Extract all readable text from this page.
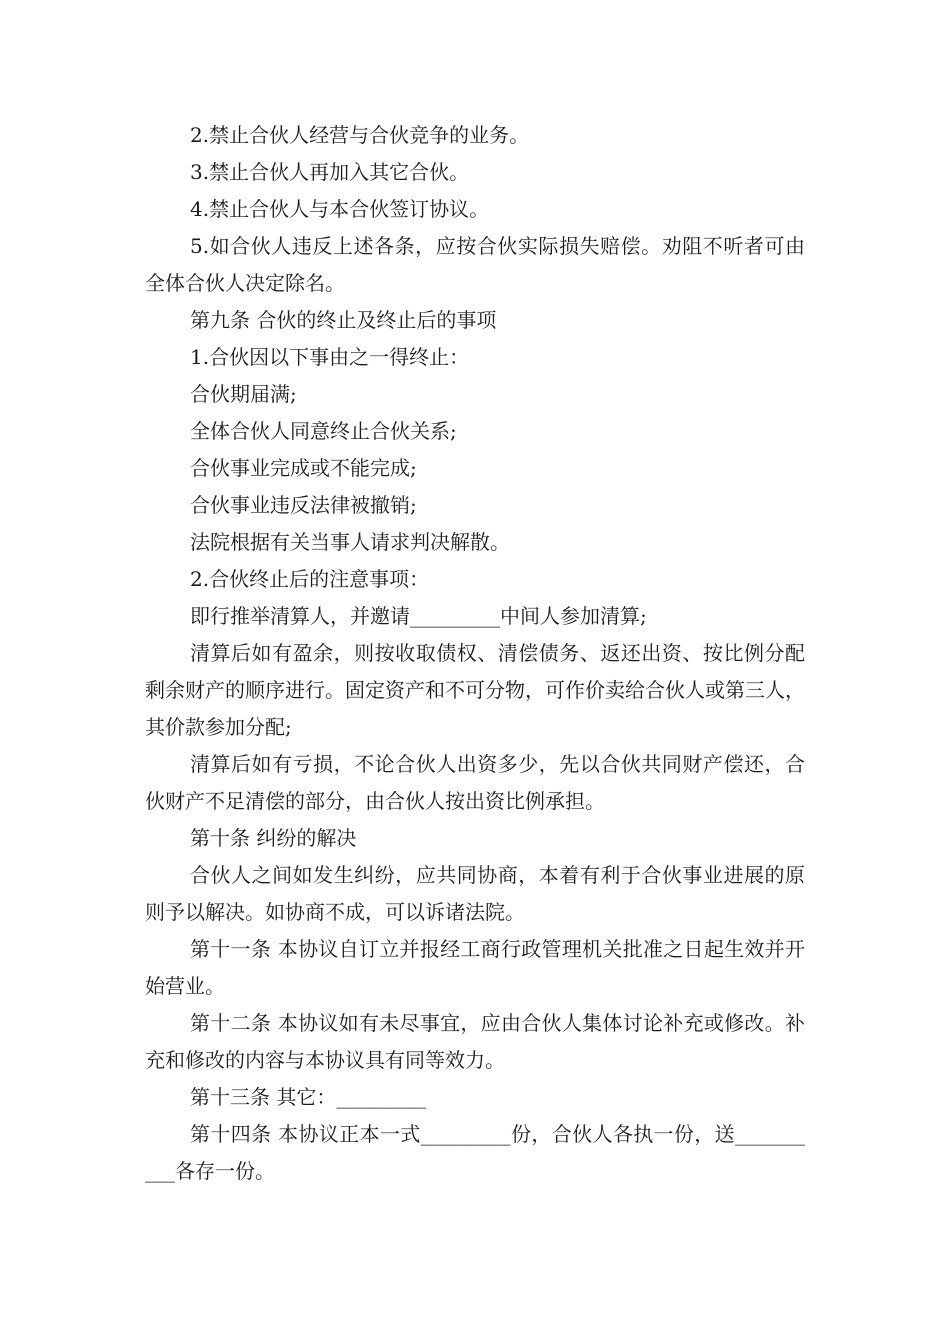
2.禁止合伙人经营与合伙竞争的业务。

3.禁止合伙人再加入其它合伙。

4.禁止合伙人与本合伙签订协议。

5.如合伙人违反上述各条，应按合伙实际损失赔偿。劝阻不听者可由全体合伙人决定除名。

第九条 合伙的终止及终止后的事项

1.合伙因以下事由之一得终止：

合伙期届满;

全体合伙人同意终止合伙关系;

合伙事业完成或不能完成;

合伙事业违反法律被撤销;

法院根据有关当事人请求判决解散。

2.合伙终止后的注意事项：

即行推举清算人，并邀请_________中间人参加清算;

清算后如有盈余，则按收取债权、清偿债务、返还出资、按比例分配剩余财产的顺序进行。固定资产和不可分物，可作价卖给合伙人或第三人，其价款参加分配;

清算后如有亏损，不论合伙人出资多少，先以合伙共同财产偿还，合伙财产不足清偿的部分，由合伙人按出资比例承担。

第十条 纠纷的解决

合伙人之间如发生纠纷，应共同协商，本着有利于合伙事业进展的原则予以解决。如协商不成，可以诉诸法院。

第十一条 本协议自订立并报经工商行政管理机关批准之日起生效并开始营业。

第十二条 本协议如有未尽事宜，应由合伙人集体讨论补充或修改。补充和修改的内容与本协议具有同等效力。

第十三条 其它：_________

第十四条 本协议正本一式_________份，合伙人各执一份，送__________各存一份。
